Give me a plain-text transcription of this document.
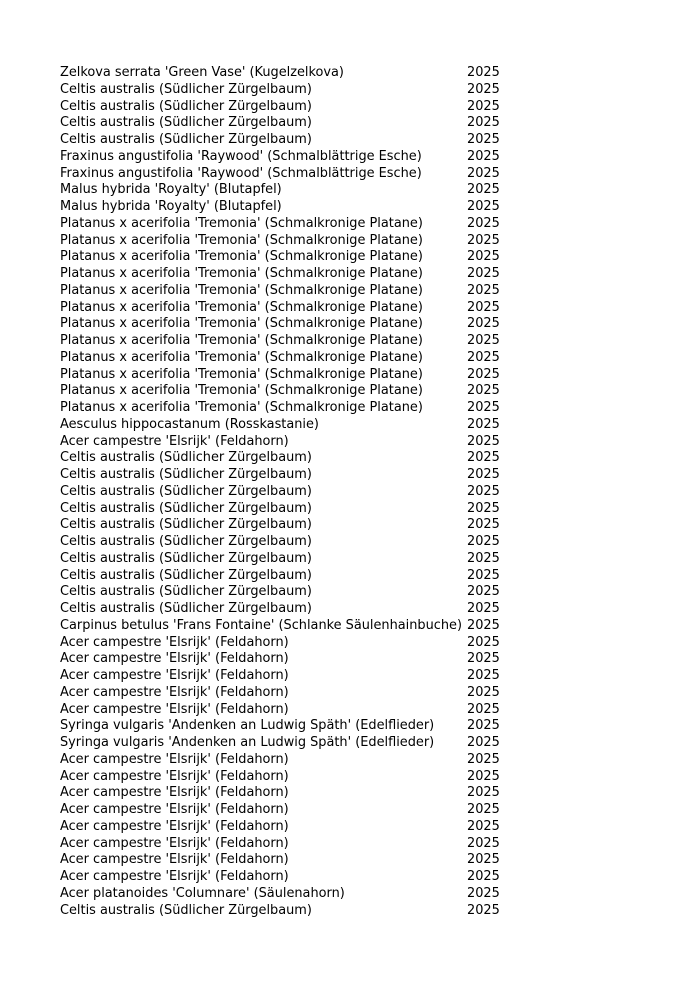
Zelkova serrata 'Green Vase' (Kugelzelkova)	2025
Celtis australis (Südlicher Zürgelbaum)	2025
Celtis australis (Südlicher Zürgelbaum)	2025
Celtis australis (Südlicher Zürgelbaum)	2025
Celtis australis (Südlicher Zürgelbaum)	2025
Fraxinus angustifolia 'Raywood' (Schmalblättrige Esche)	2025
Fraxinus angustifolia 'Raywood' (Schmalblättrige Esche)	2025
Malus hybrida 'Royalty' (Blutapfel)	2025
Malus hybrida 'Royalty' (Blutapfel)	2025
Platanus x acerifolia 'Tremonia' (Schmalkronige Platane)	2025
Platanus x acerifolia 'Tremonia' (Schmalkronige Platane)	2025
Platanus x acerifolia 'Tremonia' (Schmalkronige Platane)	2025
Platanus x acerifolia 'Tremonia' (Schmalkronige Platane)	2025
Platanus x acerifolia 'Tremonia' (Schmalkronige Platane)	2025
Platanus x acerifolia 'Tremonia' (Schmalkronige Platane)	2025
Platanus x acerifolia 'Tremonia' (Schmalkronige Platane)	2025
Platanus x acerifolia 'Tremonia' (Schmalkronige Platane)	2025
Platanus x acerifolia 'Tremonia' (Schmalkronige Platane)	2025
Platanus x acerifolia 'Tremonia' (Schmalkronige Platane)	2025
Platanus x acerifolia 'Tremonia' (Schmalkronige Platane)	2025
Platanus x acerifolia 'Tremonia' (Schmalkronige Platane)	2025
Aesculus hippocastanum (Rosskastanie)	2025
Acer campestre 'Elsrijk' (Feldahorn)	2025
Celtis australis (Südlicher Zürgelbaum)	2025
Celtis australis (Südlicher Zürgelbaum)	2025
Celtis australis (Südlicher Zürgelbaum)	2025
Celtis australis (Südlicher Zürgelbaum)	2025
Celtis australis (Südlicher Zürgelbaum)	2025
Celtis australis (Südlicher Zürgelbaum)	2025
Celtis australis (Südlicher Zürgelbaum)	2025
Celtis australis (Südlicher Zürgelbaum)	2025
Celtis australis (Südlicher Zürgelbaum)	2025
Celtis australis (Südlicher Zürgelbaum)	2025
Carpinus betulus 'Frans Fontaine' (Schlanke Säulenhainbuche) 2025
Acer campestre 'Elsrijk' (Feldahorn)	2025
Acer campestre 'Elsrijk' (Feldahorn)	2025
Acer campestre 'Elsrijk' (Feldahorn)	2025
Acer campestre 'Elsrijk' (Feldahorn)	2025
Acer campestre 'Elsrijk' (Feldahorn)	2025
Syringa vulgaris 'Andenken an Ludwig Späth' (Edelflieder)	2025
Syringa vulgaris 'Andenken an Ludwig Späth' (Edelflieder)	2025
Acer campestre 'Elsrijk' (Feldahorn)	2025
Acer campestre 'Elsrijk' (Feldahorn)	2025
Acer campestre 'Elsrijk' (Feldahorn)	2025
Acer campestre 'Elsrijk' (Feldahorn)	2025
Acer campestre 'Elsrijk' (Feldahorn)	2025
Acer campestre 'Elsrijk' (Feldahorn)	2025
Acer campestre 'Elsrijk' (Feldahorn)	2025
Acer campestre 'Elsrijk' (Feldahorn)	2025
Acer platanoides 'Columnare' (Säulenahorn)	2025
Celtis australis (Südlicher Zürgelbaum)	2025
